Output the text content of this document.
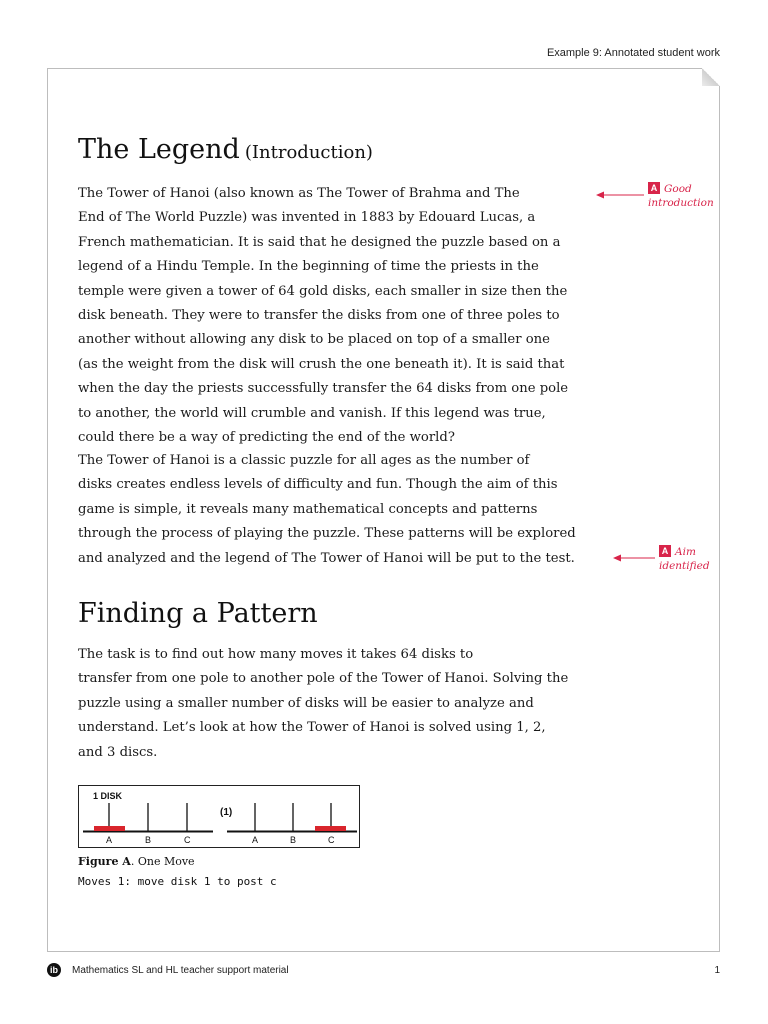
Example 9: Annotated student work
The Legend (Introduction)
The Tower of Hanoi (also known as The Tower of Brahma and The
End of The World Puzzle) was invented in 1883 by Edouard Lucas, a
French mathematician. It is said that he designed the puzzle based on a
legend of a Hindu Temple. In the beginning of time the priests in the
temple were given a tower of 64 gold disks, each smaller in size then the
disk beneath. They were to transfer the disks from one of three poles to
another without allowing any disk to be placed on top of a smaller one
(as the weight from the disk will crush the one beneath it). It is said that
when the day the priests successfully transfer the 64 disks from one pole
to another, the world will crumble and vanish. If this legend was true,
could there be a way of predicting the end of the world?
The Tower of Hanoi is a classic puzzle for all ages as the number of
disks creates endless levels of difficulty and fun. Though the aim of this
game is simple, it reveals many mathematical concepts and patterns
through the process of playing the puzzle. These patterns will be explored
and analyzed and the legend of The Tower of Hanoi will be put to the test.
A Good
introduction
A Aim
identified
Finding a Pattern
The task is to find out how many moves it takes 64 disks to
transfer from one pole to another pole of the Tower of Hanoi. Solving the
puzzle using a smaller number of disks will be easier to analyze and
understand. Let’s look at how the Tower of Hanoi is solved using 1, 2,
and 3 discs.
1 DISK
(1)
A	B	C	A	B	C
Figure A. One Move
Moves 1: move disk 1 to post c
ib	Mathematics SL and HL teacher support material	1
